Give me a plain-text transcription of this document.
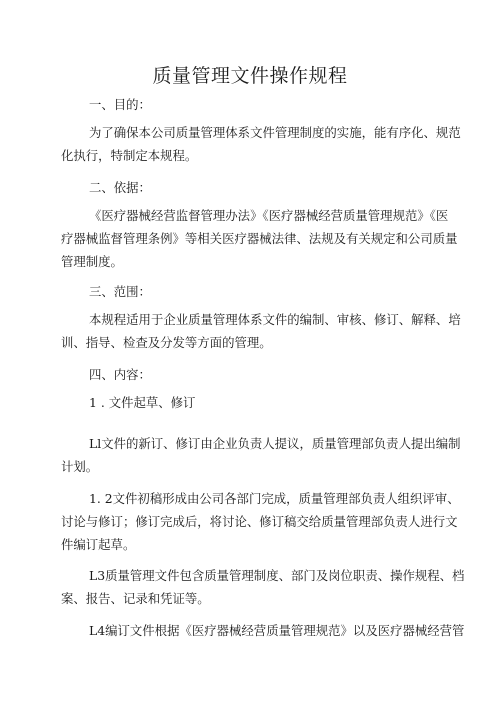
质量管理文件操作规程
一、目的：
为了确保本公司质量管理体系文件管理制度的实施，能有序化、规范
化执行，特制定本规程。
二、依据：
《医疗器械经营监督管理办法》《医疗器械经营质量管理规范》《医
疗器械监督管理条例》等相关医疗器械法律、法规及有关规定和公司质量
管理制度。
三、范围：
本规程适用于企业质量管理体系文件的编制、审核、修订、解释、培
训、指导、检查及分发等方面的管理。
四、内容：
1 . 文件起草、修订
Ll文件的新订、修订由企业负责人提议，质量管理部负责人提出编制
计划。
1. 2文件初稿形成由公司各部门完成，质量管理部负责人组织评审、
讨论与修订；修订完成后，将讨论、修订稿交给质量管理部负责人进行文
件编订起草。
L3质量管理文件包含质量管理制度、部门及岗位职责、操作规程、档
案、报告、记录和凭证等。
L4编订文件根据《医疗器械经营质量管理规范》以及医疗器械经营管
